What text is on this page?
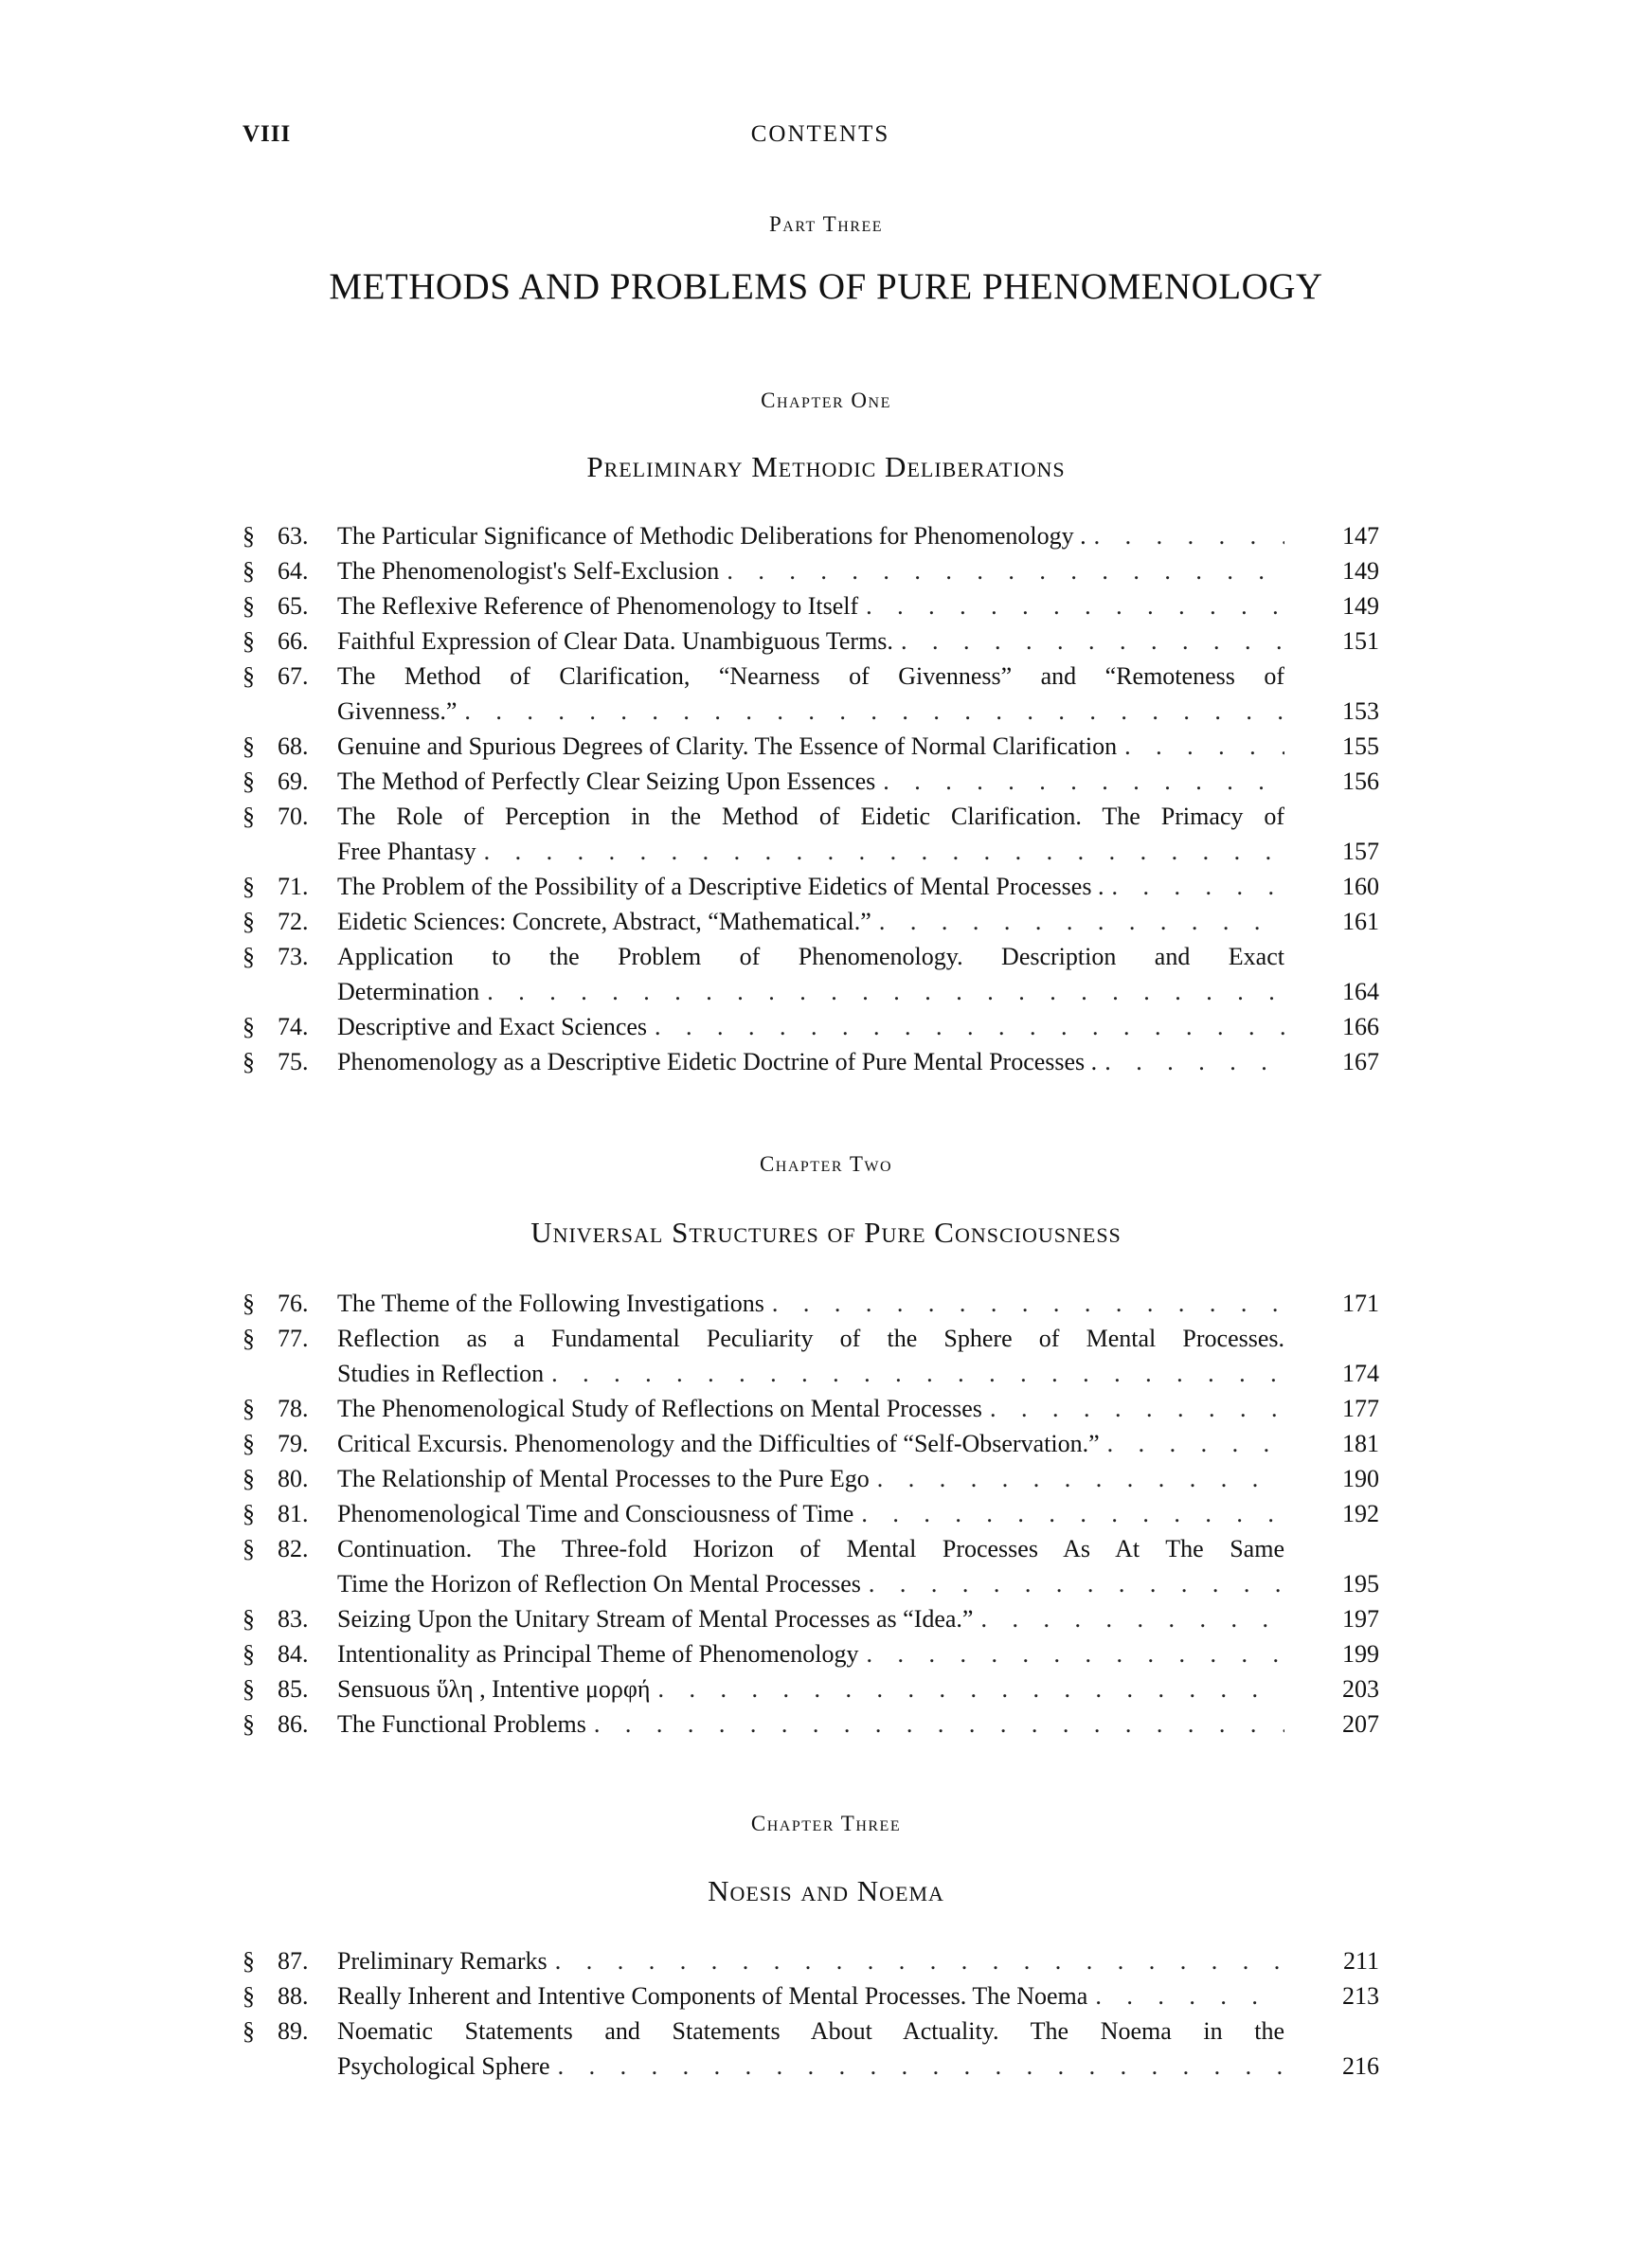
VIII	CONTENTS
Part Three
METHODS AND PROBLEMS OF PURE PHENOMENOLOGY
Chapter One
Preliminary Methodic Deliberations
§ 63.	The Particular Significance of Methodic Deliberations for Phenomenology . . . .	147
§ 64.	The Phenomenologist's Self-Exclusion . . .	149
§ 65.	The Reflexive Reference of Phenomenology to Itself . . .	149
§ 66.	Faithful Expression of Clear Data. Unambiguous Terms. . . .	151
§ 67.	The Method of Clarification, “Nearness of Givenness” and “Remoteness of
Givenness.” . . .	153
§ 68.	Genuine and Spurious Degrees of Clarity. The Essence of Normal Clarification . . .	155
§ 69.	The Method of Perfectly Clear Seizing Upon Essences . . .	156
§ 70.	The Role of Perception in the Method of Eidetic Clarification. The Primacy of
Free Phantasy . . .	157
§ 71.	The Problem of the Possibility of a Descriptive Eidetics of Mental Processes . . . .	160
§ 72.	Eidetic Sciences: Concrete, Abstract, “Mathematical.” . . .	161
§ 73.	Application to the Problem of Phenomenology. Description and Exact
Determination . . .	164
§ 74.	Descriptive and Exact Sciences . . .	166
§ 75.	Phenomenology as a Descriptive Eidetic Doctrine of Pure Mental Processes . . . .	167
Chapter Two
Universal Structures of Pure Consciousness
§ 76.	The Theme of the Following Investigations . . .	171
§ 77.	Reflection as a Fundamental Peculiarity of the Sphere of Mental Processes.
Studies in Reflection . . .	174
§ 78.	The Phenomenological Study of Reflections on Mental Processes . . .	177
§ 79.	Critical Excursis. Phenomenology and the Difficulties of “Self-Observation.” . . .	181
§ 80.	The Relationship of Mental Processes to the Pure Ego . . .	190
§ 81.	Phenomenological Time and Consciousness of Time . . .	192
§ 82.	Continuation. The Three-fold Horizon of Mental Processes As At The Same
Time the Horizon of Reflection On Mental Processes . . .	195
§ 83.	Seizing Upon the Unitary Stream of Mental Processes as “Idea.” . . .	197
§ 84.	Intentionality as Principal Theme of Phenomenology . . .	199
§ 85.	Sensuous ὕλη , Intentive μορφή . . .	203
§ 86.	The Functional Problems . . .	207
Chapter Three
Noesis and Noema
§ 87.	Preliminary Remarks . . .	211
§ 88.	Really Inherent and Intentive Components of Mental Processes. The Noema . . .	213
§ 89.	Noematic Statements and Statements About Actuality. The Noema in the
Psychological Sphere . . .	216
